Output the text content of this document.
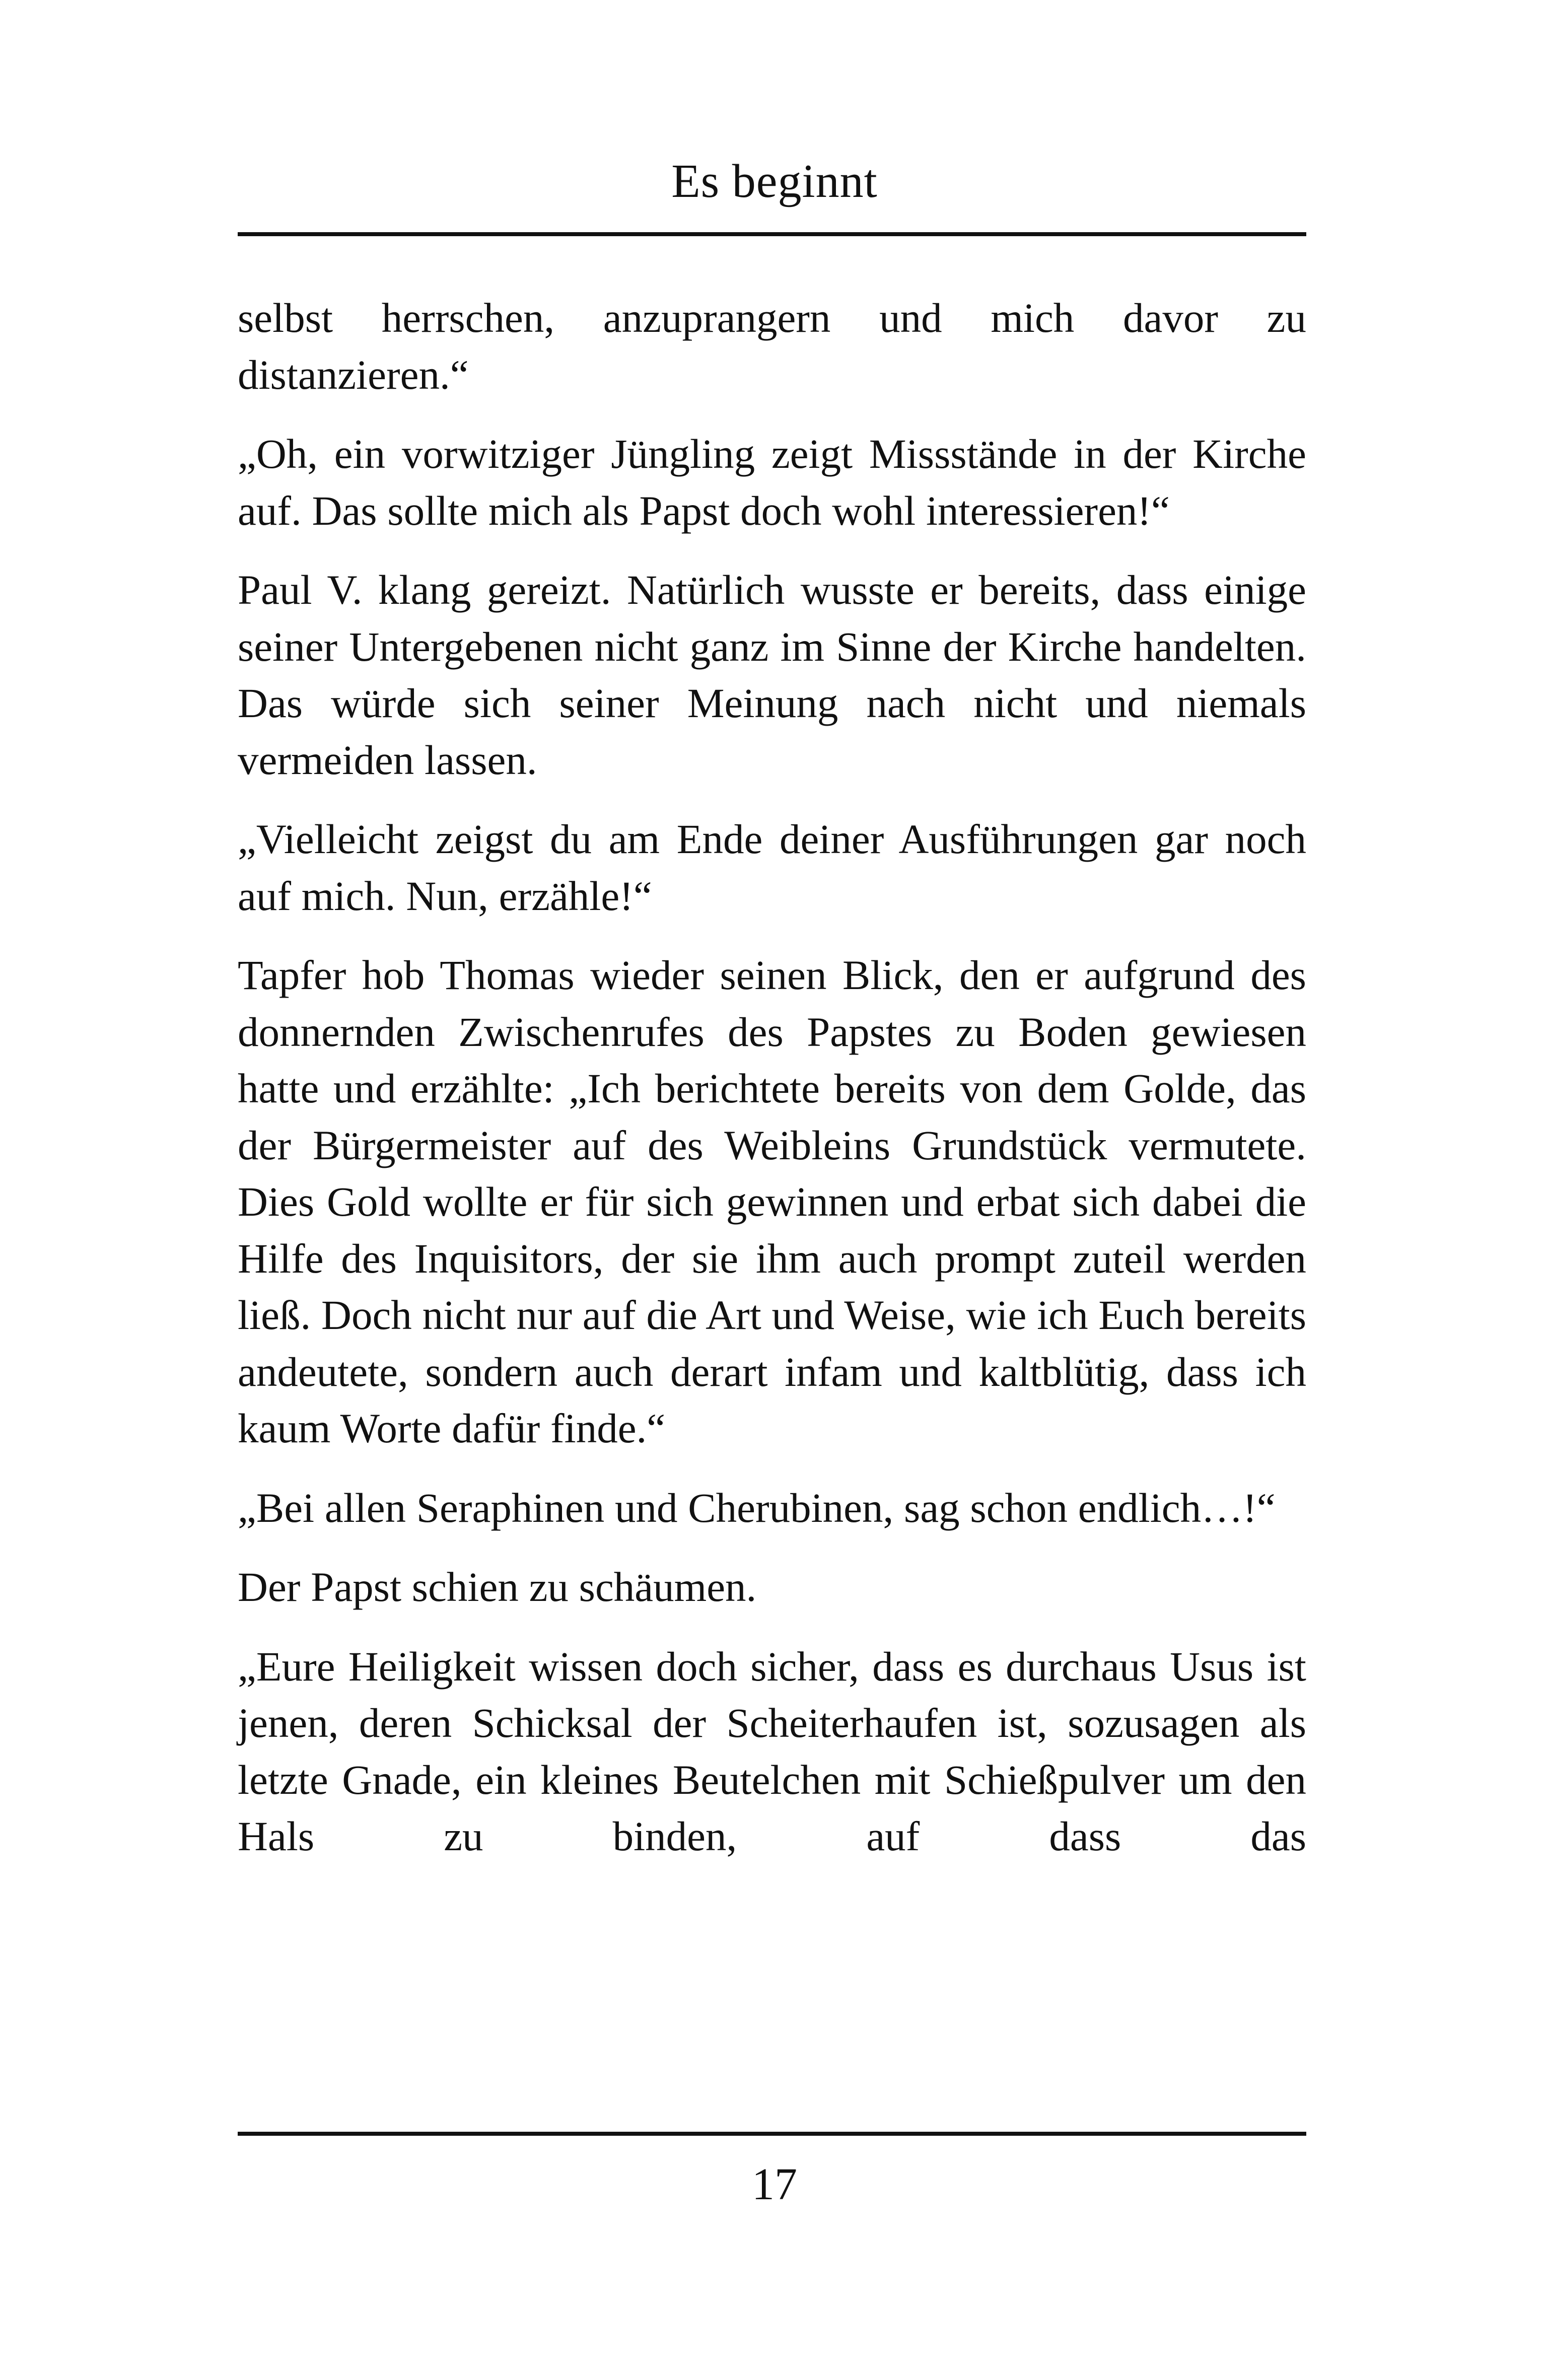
Es beginnt

selbst herrschen, anzuprangern und mich davor zu distanzieren.“

„Oh, ein vorwitziger Jüngling zeigt Missstände in der Kirche auf. Das sollte mich als Papst doch wohl interessieren!“

Paul V. klang gereizt. Natürlich wusste er bereits, dass einige seiner Untergebenen nicht ganz im Sinne der Kirche handelten. Das würde sich seiner Meinung nach nicht und niemals vermeiden lassen.

„Vielleicht zeigst du am Ende deiner Ausführungen gar noch auf mich. Nun, erzähle!“

Tapfer hob Thomas wieder seinen Blick, den er aufgrund des donnernden Zwischenrufes des Papstes zu Boden gewiesen hatte und erzählte: „Ich berichtete bereits von dem Golde, das der Bürgermeister auf des Weibleins Grundstück vermutete. Dies Gold wollte er für sich gewinnen und erbat sich dabei die Hilfe des Inquisitors, der sie ihm auch prompt zuteil werden ließ. Doch nicht nur auf die Art und Weise, wie ich Euch bereits andeutete, sondern auch derart infam und kaltblütig, dass ich kaum Worte dafür finde.“

„Bei allen Seraphinen und Cherubinen, sag schon endlich…!“

Der Papst schien zu schäumen.

„Eure Heiligkeit wissen doch sicher, dass es durchaus Usus ist jenen, deren Schicksal der Scheiterhaufen ist, sozusagen als letzte Gnade, ein kleines Beutelchen mit Schießpulver um den Hals zu binden, auf dass das

17
